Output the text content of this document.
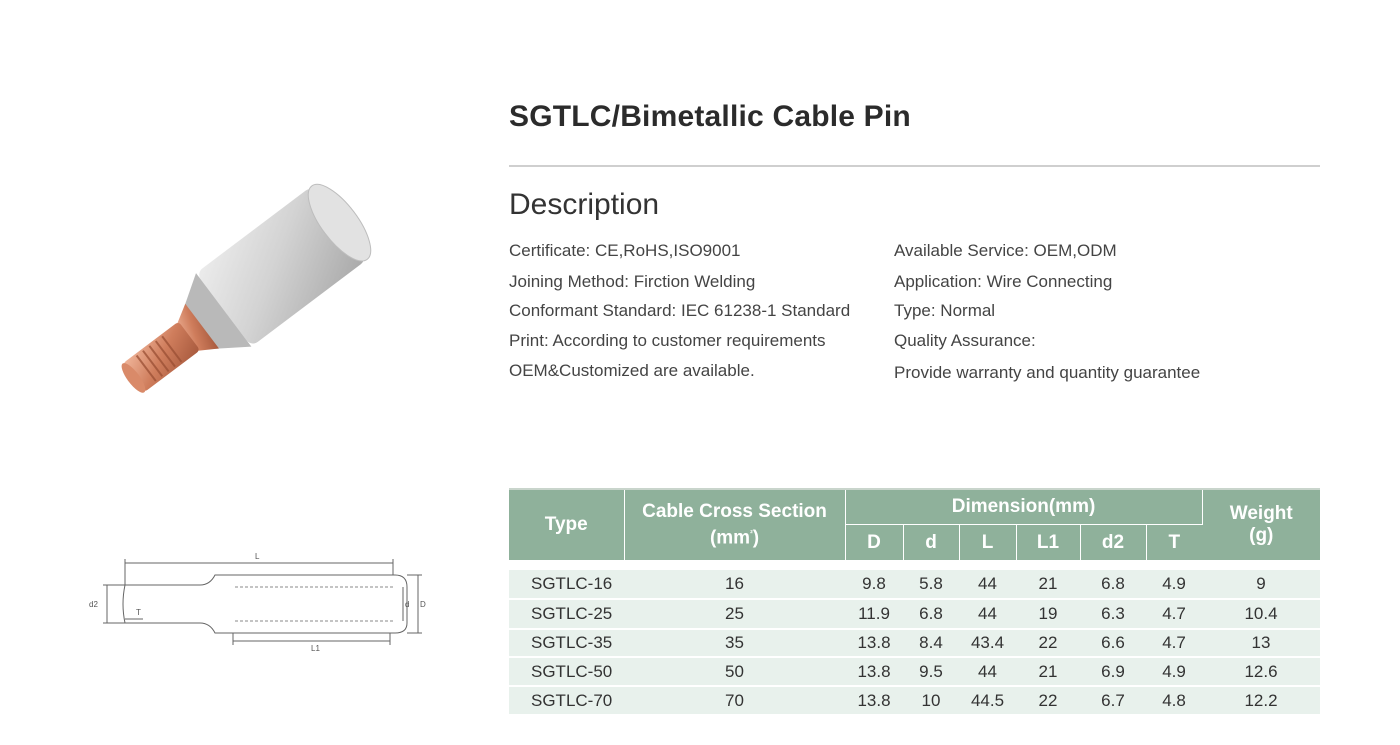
SGTLC/Bimetallic Cable Pin
L
L1
d D
d2
T
Description
Certificate: CE,RoHS,ISO9001
Joining Method: Firction Welding
Conformant Standard: IEC 61238-1 Standard
Print: According to customer requirements
OEM&Customized are available.
Available Service: OEM,ODM
Application: Wire Connecting
Type: Normal
Quality Assurance:
Provide warranty and quantity guarantee
Type	Cable Cross Section
$(mm^{^2})$	Dimension(mm)						Weight
(g)
		D	d	L	L1	d2	T	

SGTLC-16	16	9.8	5.8	44	21	6.8	4.9	9
SGTLC-25	25	11.9	6.8	44	19	6.3	4.7	10.4
SGTLC-35	35	13.8	8.4	43.4	22	6.6	4.7	13
SGTLC-50	50	13.8	9.5	44	21	6.9	4.9	12.6
SGTLC-70	70	13.8	10	44.5	22	6.7	4.8	12.2
